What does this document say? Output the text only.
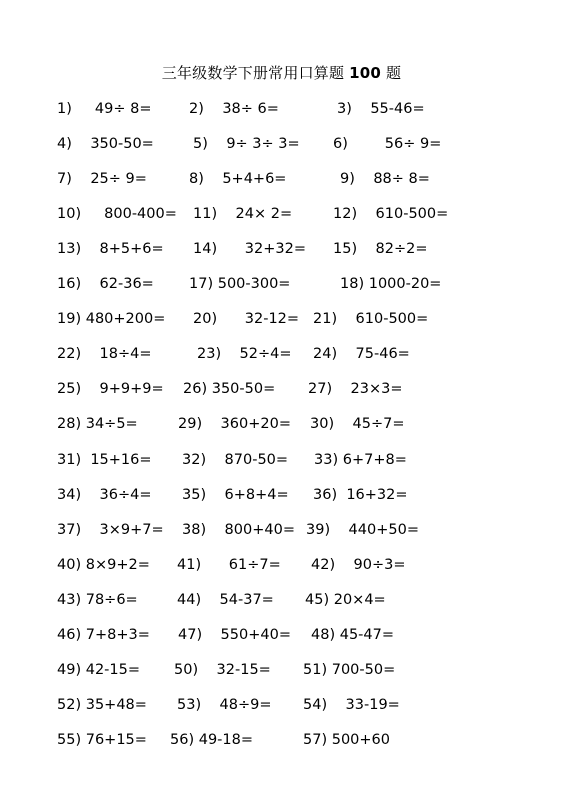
三年级数学下册常用口算题 100 题
1)     49÷ 8=	2)    38÷ 6=	3)    55-46=
4)    350-50=	5)    9÷ 3÷ 3= 6)        56÷ 9=
7)    25÷ 9=	8)    5+4+6=	9)    88÷ 8=
10)     800-400= 11)    24× 2=	12)    610-500=
13)    8+5+6= 14)      32+32= 15)    82÷2=
16)    62-36= 17) 500-300=	18) 1000-20=
19) 480+200= 20)      32-12= 21)    610-500=
22)    18÷4=	23)    52÷4= 24)    75-46=
25)    9+9+9= 26) 350-50= 27)    23×3=
28) 34÷5=	29)    360+20= 30)    45÷7=
31)  15+16= 32)    870-50= 33) 6+7+8=
34)    36÷4= 35)    6+8+4= 36)  16+32=
37)    3×9+7= 38)    800+40= 39)    440+50=
40) 8×9+2= 41)      61÷7= 42)    90÷3=
43) 78÷6=	44)    54-37= 45) 20×4=
46) 7+8+3= 47)    550+40= 48) 45-47=
49) 42-15= 50)    32-15= 51) 700-50=
52) 35+48= 53)    48÷9= 54)    33-19=
55) 76+15= 56) 49-18=	57) 500+60
